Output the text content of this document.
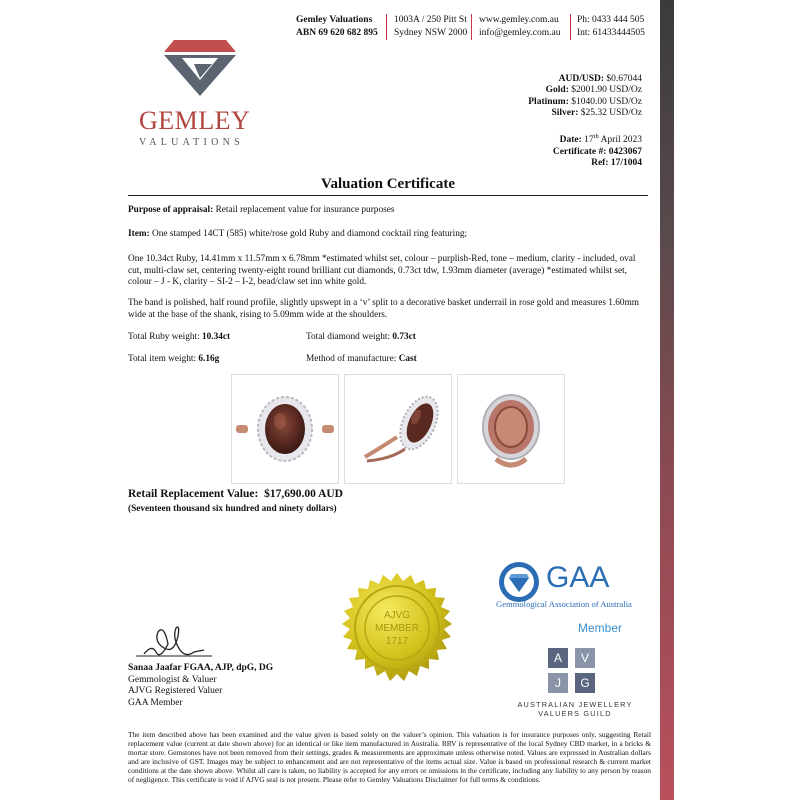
Gemley Valuations
ABN 69 620 682 895
1003A / 250 Pitt St
Sydney NSW 2000
www.gemley.com.au
info@gemley.com.au
Ph: 0433 444 505
Int: 61433444505
GEMLEY
VALUATIONS
AUD/USD: $0.67044
Gold: $2001.90 USD/Oz
Platinum: $1040.00 USD/Oz
Silver: $25.32 USD/Oz
Date: 17th April 2023
Certificate #: 0423067
Ref: 17/1004
Valuation Certificate
Purpose of appraisal: Retail replacement value for insurance purposes
Item: One stamped 14CT (585) white/rose gold Ruby and diamond cocktail ring featuring;
One 10.34ct Ruby, 14.41mm x 11.57mm x 6.78mm *estimated whilst set, colour – purplish-Red, tone – medium, clarity - included, oval cut, multi-claw set, centering twenty-eight round brilliant cut diamonds, 0.73ct tdw, 1.93mm diameter (average) *estimated whilst set, colour – J - K, clarity – SI-2 – I-2, bead/claw set inn white gold.
The band is polished, half round profile, slightly upswept in a ‘v’ split to a decorative basket underrail in rose gold and measures 1.60mm wide at the base of the shank, rising to 5.09mm wide at the shoulders.
Total Ruby weight: 10.34ct	Total diamond weight: 0.73ct
Total item weight: 6.16g	Method of manufacture: Cast
Retail Replacement Value: $17,690.00 AUD
(Seventeen thousand six hundred and ninety dollars)
AJVG
MEMBER
1717
Sanaa Jaafar FGAA, AJP, dpG, DG
Gemmologist & Valuer
AJVG Registered Valuer
GAA Member
GAA
Gemmological Association of Australia
Member
A	V
J	G
AUSTRALIAN JEWELLERY
VALUERS GUILD
The item described above has been examined and the value given is based solely on the valuer’s opinion. This valuation is for insurance purposes only, suggesting Retail replacement value (current at date shown above) for an identical or like item manufactured in Australia. RRV is representative of the local Sydney CBD market, in a bricks & mortar store. Gemstones have not been removed from their settings, grades & measurements are approximate unless otherwise noted. Values are expressed in Australian dollars and are inclusive of GST. Images may be subject to enhancement and are not representative of the items actual size. Value is based on professional research & current market conditions at the date shown above. Whilst all care is taken, no liability is accepted for any errors or omissions in the certificate, including any liability to any person by reason of negligence. This certificate is void if AJVG seal is not present. Please refer to Gemley Valuations Disclaimer for full terms & conditions.
